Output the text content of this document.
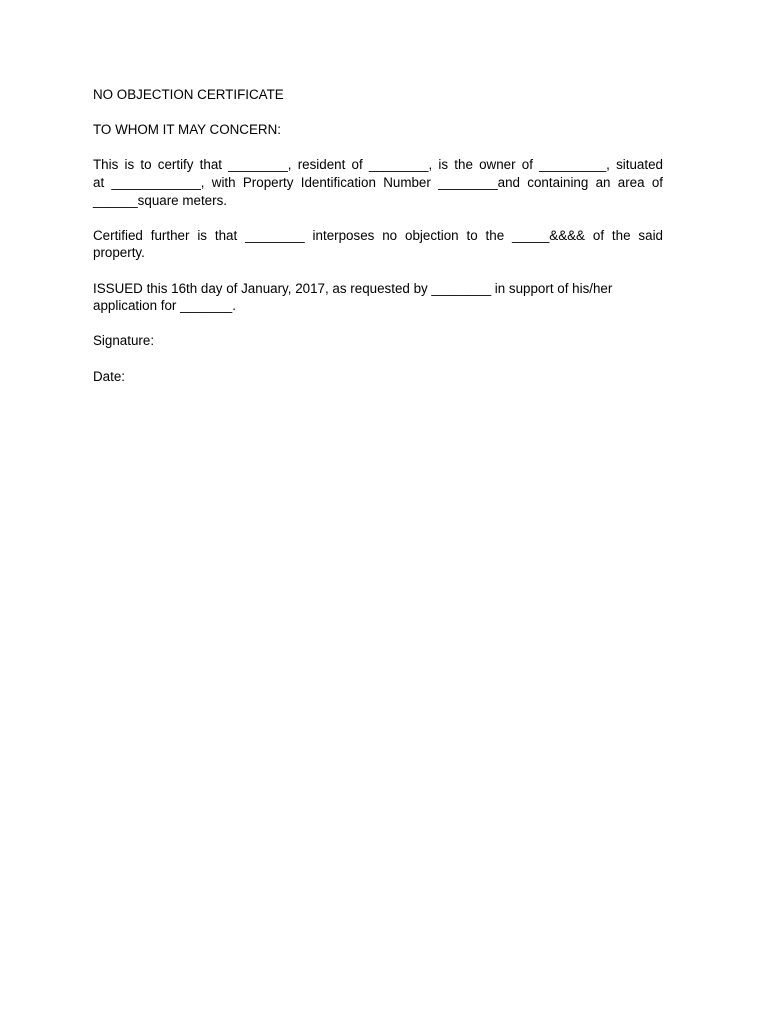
NO OBJECTION CERTIFICATE

TO WHOM IT MAY CONCERN:

This is to certify that ________, resident of ________, is the owner of _________, situated
at ____________, with Property Identification Number ________and containing an area of
______square meters.

Certified further is that ________ interposes no objection to the _____&&&& of the said
property.

ISSUED this 16th day of January, 2017, as requested by ________ in support of his/her
application for _______.

Signature:

Date:
